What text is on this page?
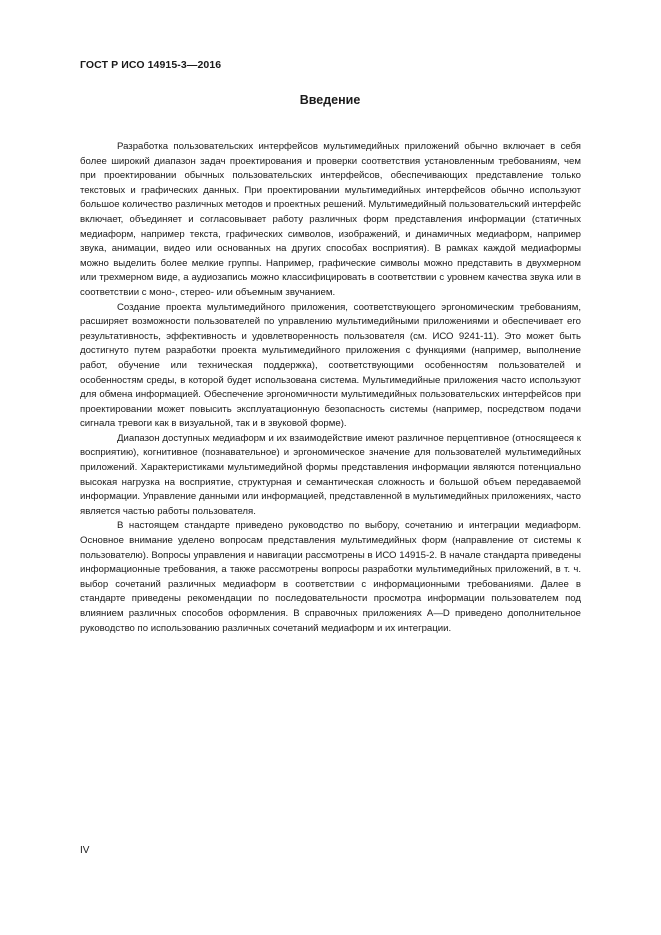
ГОСТ Р ИСО 14915-3—2016
Введение

Разработка пользовательских интерфейсов мультимедийных приложений обычно включает в себя более широкий диапазон задач проектирования и проверки соответствия установленным требованиям, чем при проектировании обычных пользовательских интерфейсов, обеспечивающих представление только текстовых и графических данных. При проектировании мультимедийных интерфейсов обычно используют большое количество различных методов и проектных решений. Мультимедийный пользовательский интерфейс включает, объединяет и согласовывает работу различных форм представления информации (статичных медиаформ, например текста, графических символов, изображений, и динамичных медиаформ, например звука, анимации, видео или основанных на других способах восприятия). В рамках каждой медиаформы можно выделить более мелкие группы. Например, графические символы можно представить в двухмерном или трехмерном виде, а аудиозапись можно классифицировать в соответствии с уровнем качества звука или в соответствии с моно-, стерео- или объемным звучанием.

Создание проекта мультимедийного приложения, соответствующего эргономическим требованиям, расширяет возможности пользователей по управлению мультимедийными приложениями и обеспечивает его результативность, эффективность и удовлетворенность пользователя (см. ИСО 9241-11). Это может быть достигнуто путем разработки проекта мультимедийного приложения с функциями (например, выполнение работ, обучение или техническая поддержка), соответствующими особенностям пользователей и особенностям среды, в которой будет использована система. Мультимедийные приложения часто используют для обмена информацией. Обеспечение эргономичности мультимедийных пользовательских интерфейсов при проектировании может повысить эксплуатационную безопасность системы (например, посредством подачи сигнала тревоги как в визуальной, так и в звуковой форме).

Диапазон доступных медиаформ и их взаимодействие имеют различное перцептивное (относящееся к восприятию), когнитивное (познавательное) и эргономическое значение для пользователей мультимедийных приложений. Характеристиками мультимедийной формы представления информации являются потенциально высокая нагрузка на восприятие, структурная и семантическая сложность и большой объем передаваемой информации. Управление данными или информацией, представленной в мультимедийных приложениях, часто является частью работы пользователя.

В настоящем стандарте приведено руководство по выбору, сочетанию и интеграции медиаформ. Основное внимание уделено вопросам представления мультимедийных форм (направление от системы к пользователю). Вопросы управления и навигации рассмотрены в ИСО 14915-2. В начале стандарта приведены информационные требования, а также рассмотрены вопросы разработки мультимедийных приложений, в т. ч. выбор сочетаний различных медиаформ в соответствии с информационными требованиями. Далее в стандарте приведены рекомендации по последовательности просмотра информации пользователем под влиянием различных способов оформления. В справочных приложениях А—D приведено дополнительное руководство по использованию различных сочетаний медиаформ и их интеграции.

IV
